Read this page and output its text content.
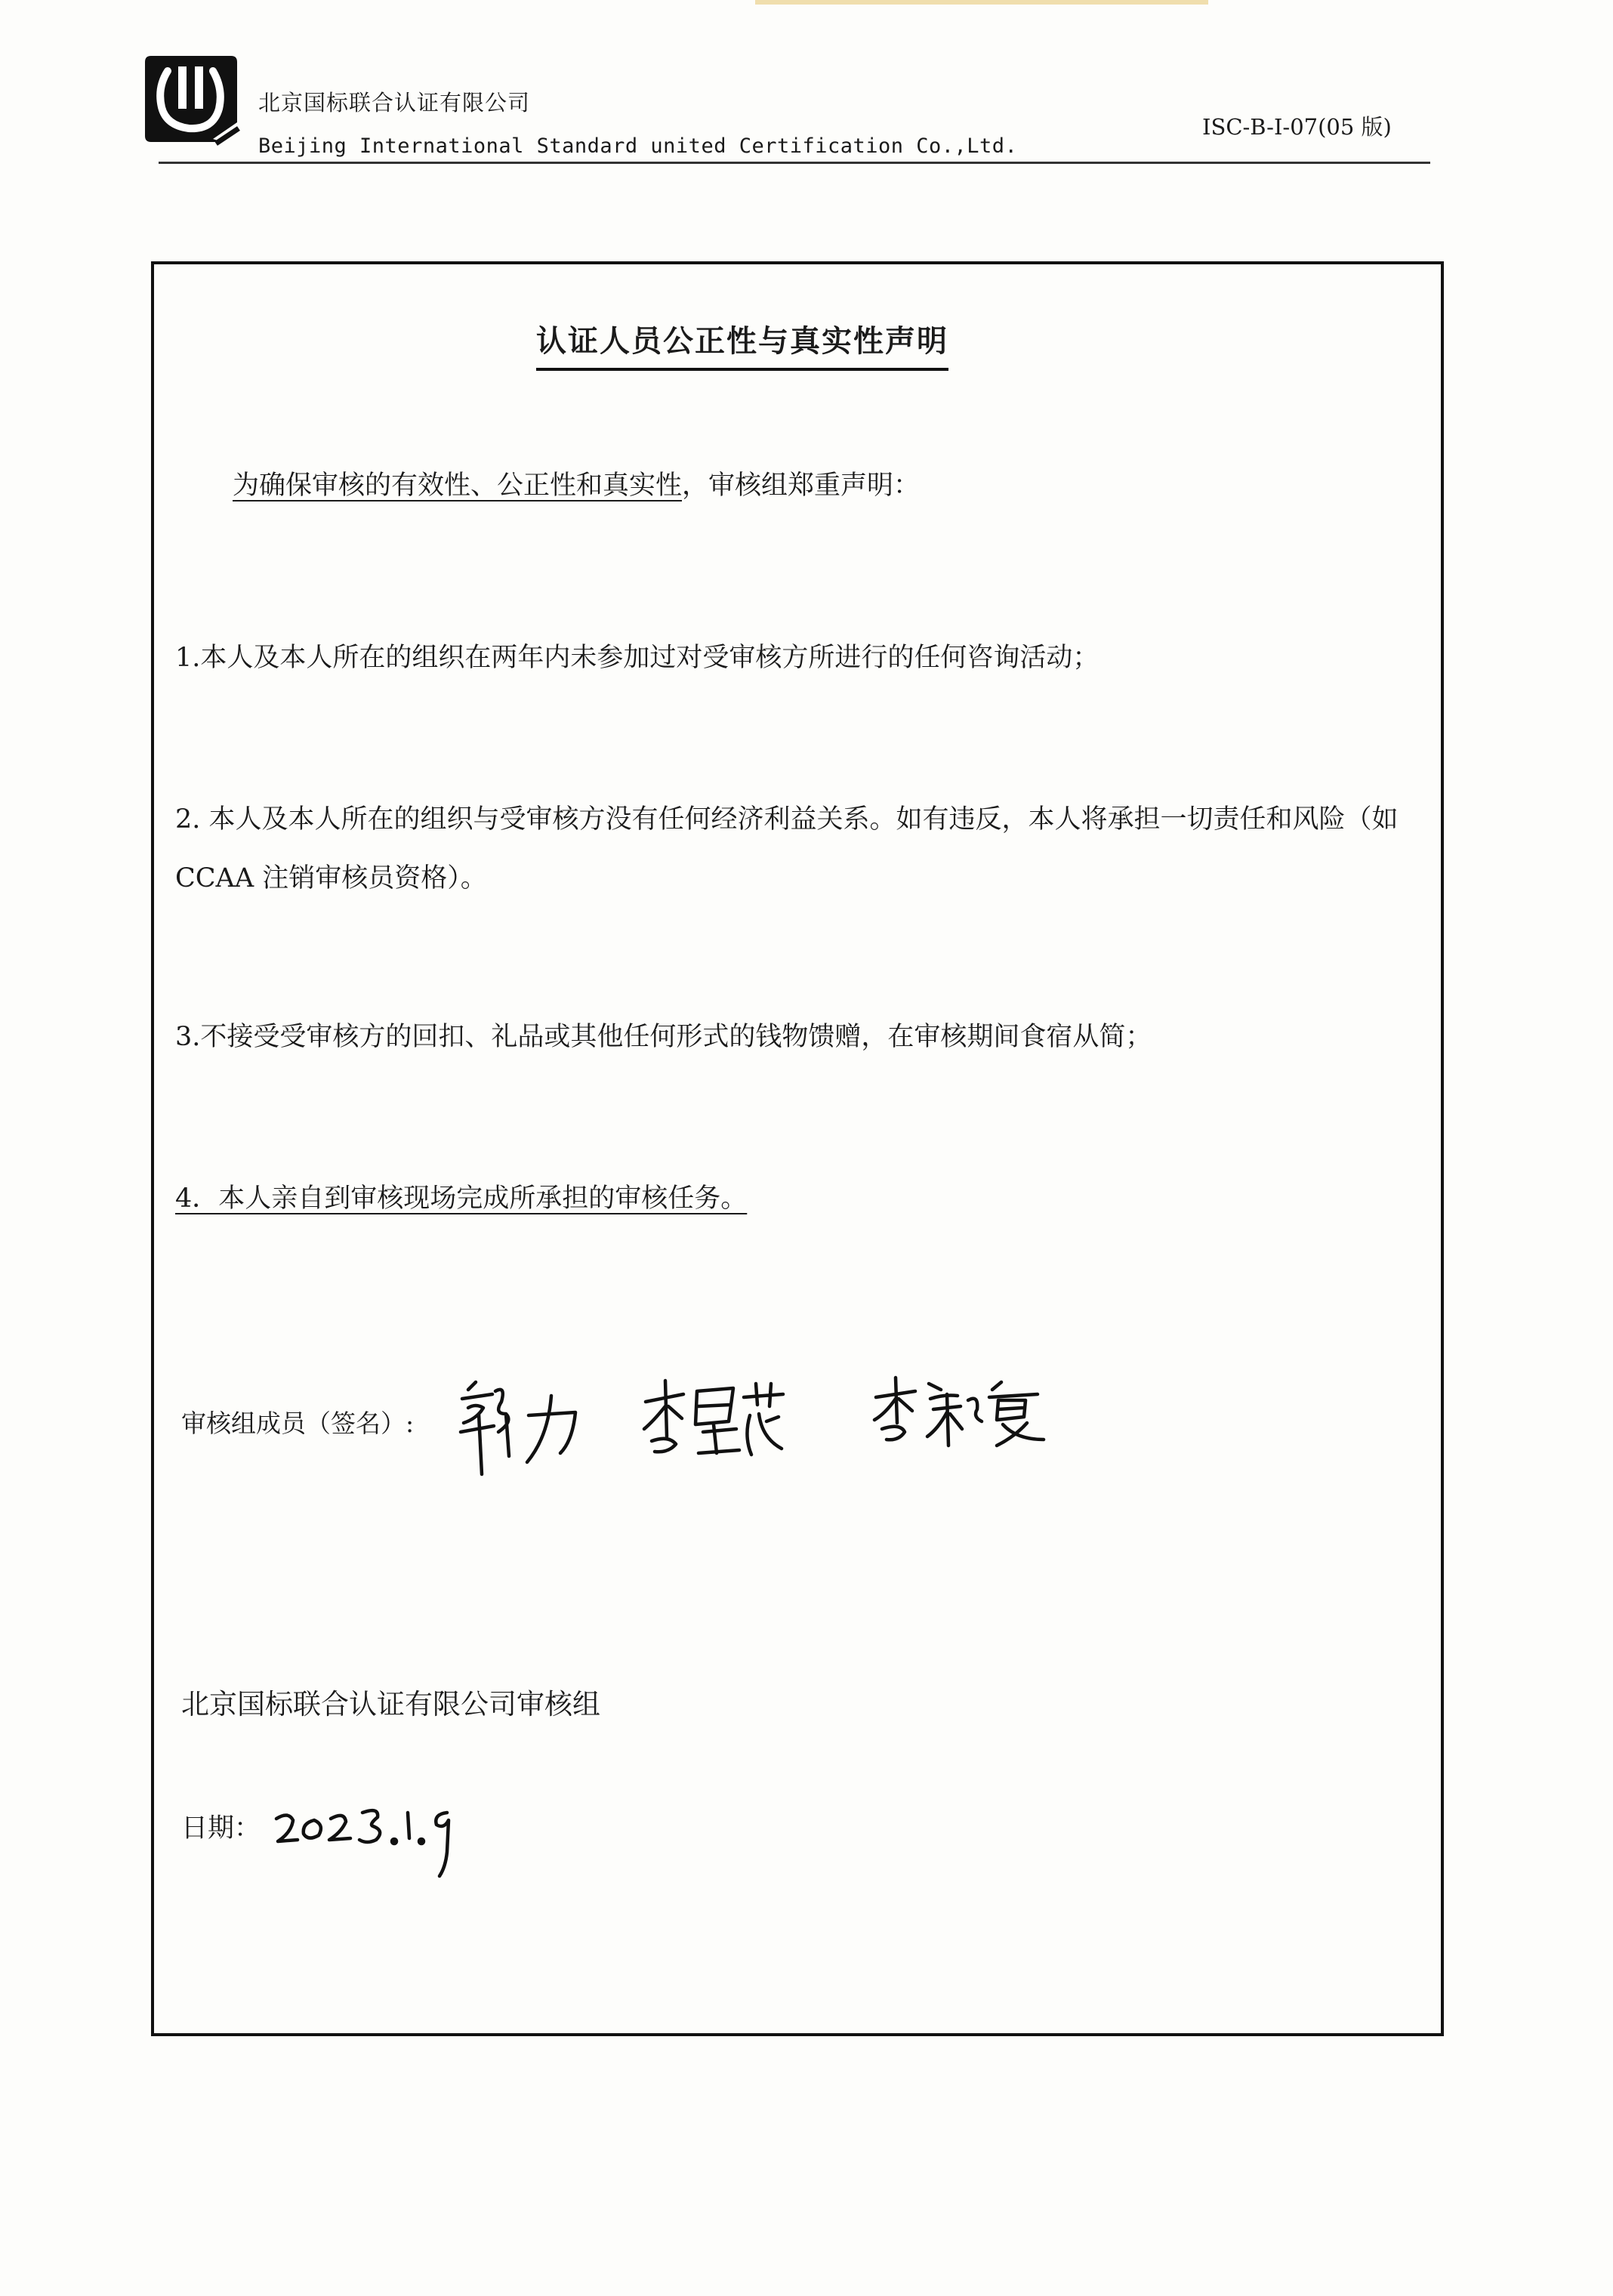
北京国标联合认证有限公司
Beijing International Standard united Certification Co.,Ltd.
ISC-B-I-07(05 版)
认证人员公正性与真实性声明
为确保审核的有效性、公正性和真实性，审核组郑重声明：
1.本人及本人所在的组织在两年内未参加过对受审核方所进行的任何咨询活动；
2. 本人及本人所在的组织与受审核方没有任何经济利益关系。如有违反，本人将承担一切责任和风险（如 CCAA 注销审核员资格）。
3.不接受受审核方的回扣、礼品或其他任何形式的钱物馈赠，在审核期间食宿从简；
4．本人亲自到审核现场完成所承担的审核任务。
审核组成员（签名）:
北京国标联合认证有限公司审核组
日期：
2023.1.9
